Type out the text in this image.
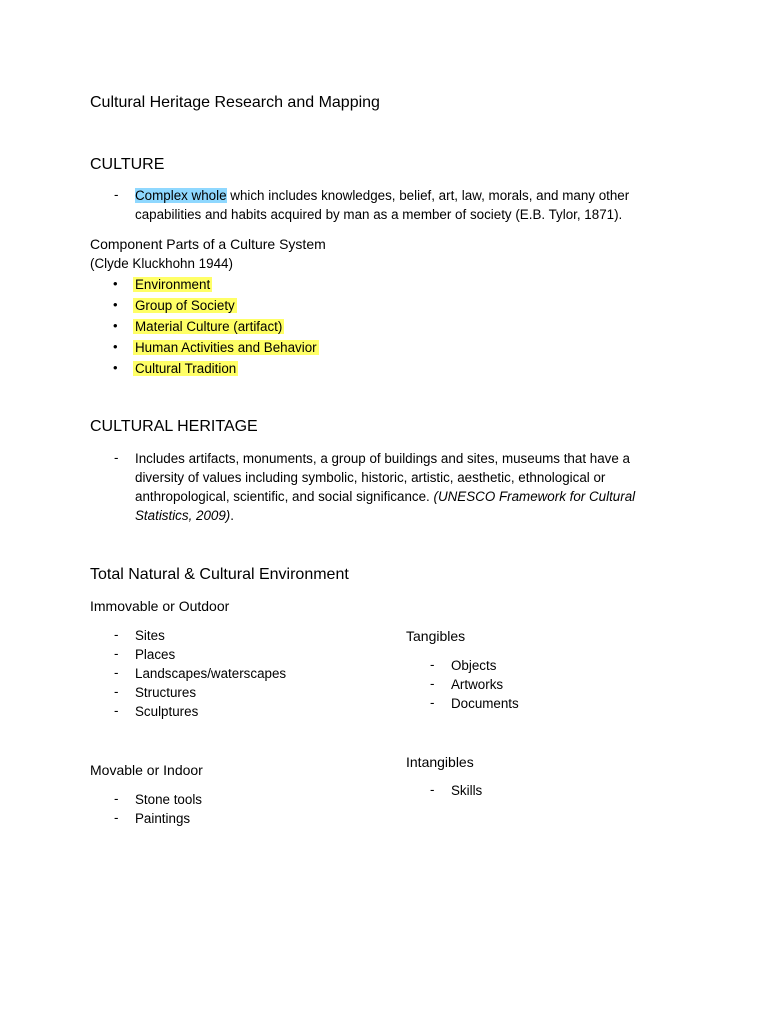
Cultural Heritage Research and Mapping
CULTURE
- Complex whole which includes knowledges, belief, art, law, morals, and many other
capabilities and habits acquired by man as a member of society (E.B. Tylor, 1871).
Component Parts of a Culture System
(Clyde Kluckhohn 1944)
• Environment
• Group of Society
• Material Culture (artifact)
• Human Activities and Behavior
• Cultural Tradition
CULTURAL HERITAGE
- Includes artifacts, monuments, a group of buildings and sites, museums that have a
diversity of values including symbolic, historic, artistic, aesthetic, ethnological or
anthropological, scientific, and social significance. (UNESCO Framework for Cultural
Statistics, 2009).
Total Natural & Cultural Environment
Immovable or Outdoor
- Sites
- Places
- Landscapes/waterscapes
- Structures
- Sculptures
Movable or Indoor
- Stone tools
- Paintings
Tangibles
- Objects
- Artworks
- Documents
Intangibles
- Skills
